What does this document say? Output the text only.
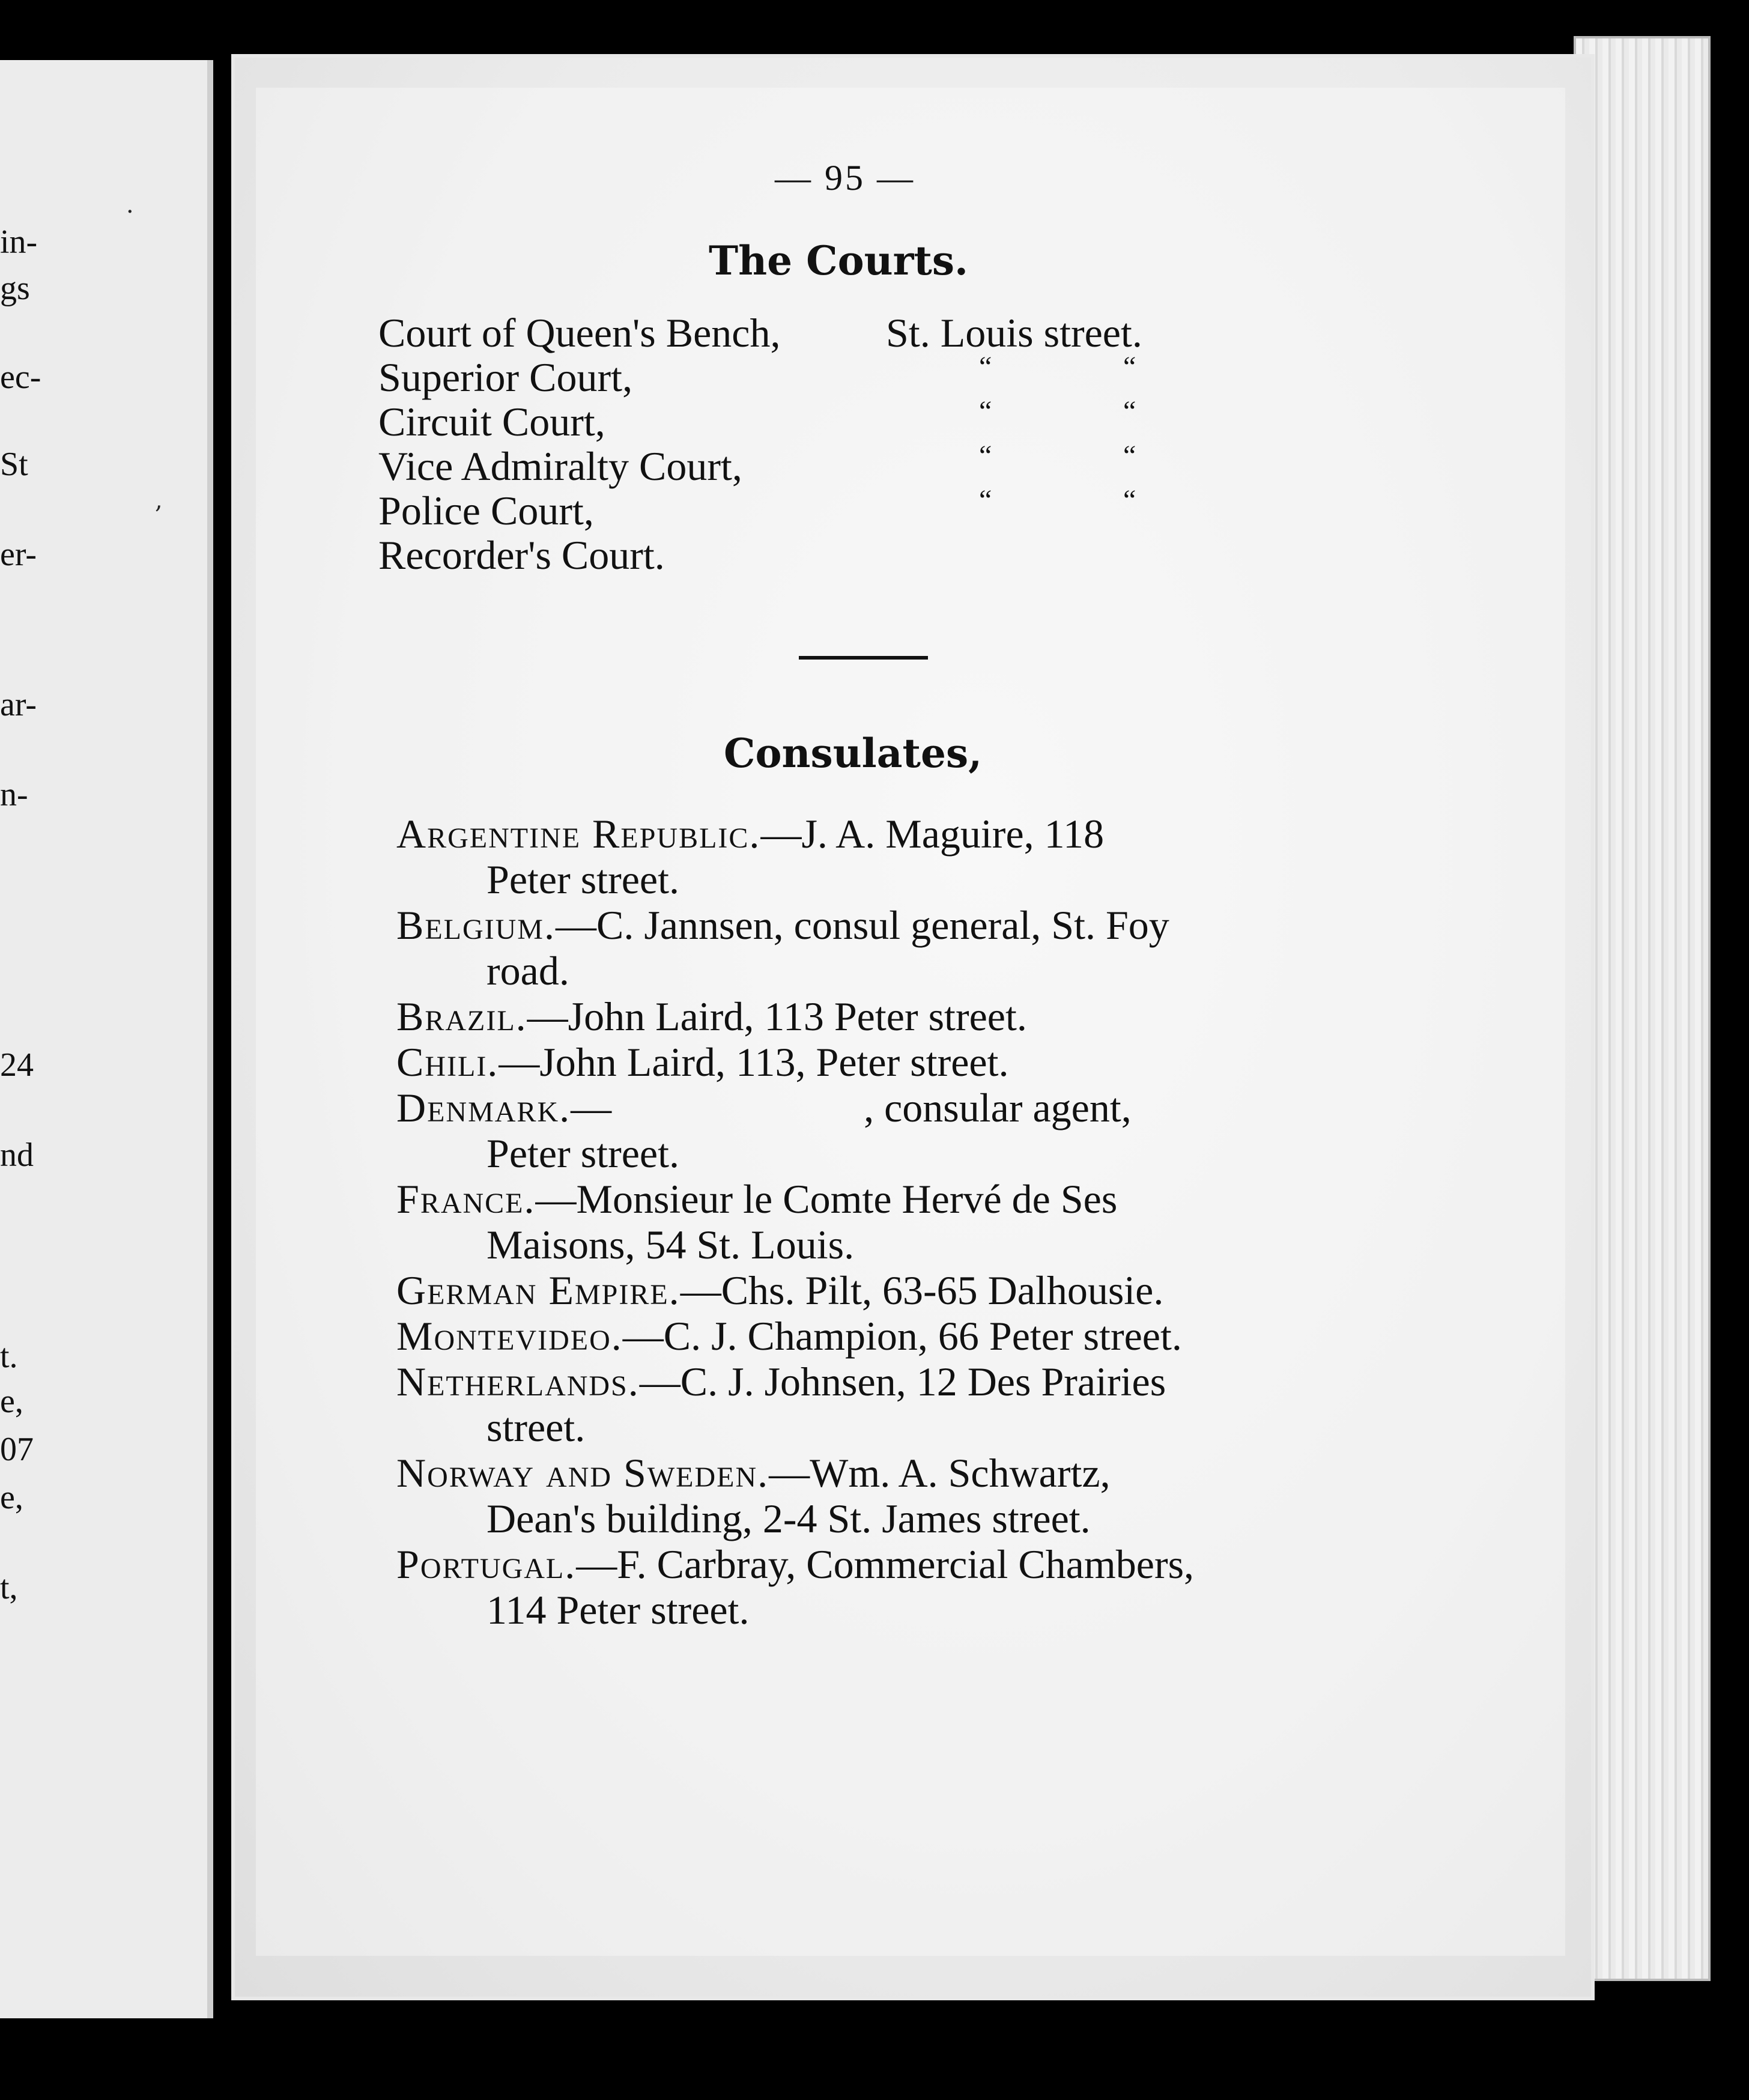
in-
gs
ec-
St
er-
ar-
n-
24
nd
t.
e,
07
e,
t,
·
,
— 95 —
The Courts.
Court of Queen's Bench,	St. Louis street.
Superior Court,	“	“
Circuit Court,	“	“
Vice Admiralty Court,	“	“
Police Court,	“	“
Recorder's Court.
Consulates,
Argentine Republic.—J. A. Maguire, 118
Peter street.
Belgium.—C. Jannsen, consul general, St. Foy
road.
Brazil.—John Laird, 113 Peter street.
Chili.—John Laird, 113, Peter street.
Denmark.—	, consular agent,
Peter street.
France.—Monsieur le Comte Hervé de Ses
Maisons, 54 St. Louis.
German Empire.—Chs. Pilt, 63-65 Dalhousie.
Montevideo.—C. J. Champion, 66 Peter street.
Netherlands.—C. J. Johnsen, 12 Des Prairies
street.
Norway and Sweden.—Wm. A. Schwartz,
Dean's building, 2-4 St. James street.
Portugal.—F. Carbray, Commercial Chambers,
114 Peter street.
